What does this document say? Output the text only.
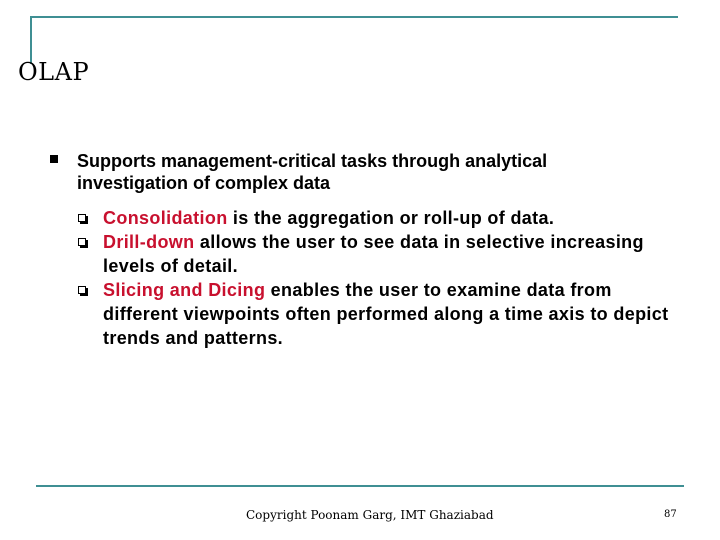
OLAP
Supports management-critical tasks through analytical investigation of complex data
Consolidation is the aggregation or roll-up of data.
Drill-down allows the user to see data in selective increasing levels of detail.
Slicing and Dicing enables the user to examine data from different viewpoints often performed along a time axis to depict trends and patterns.
Copyright Poonam Garg, IMT Ghaziabad	87
